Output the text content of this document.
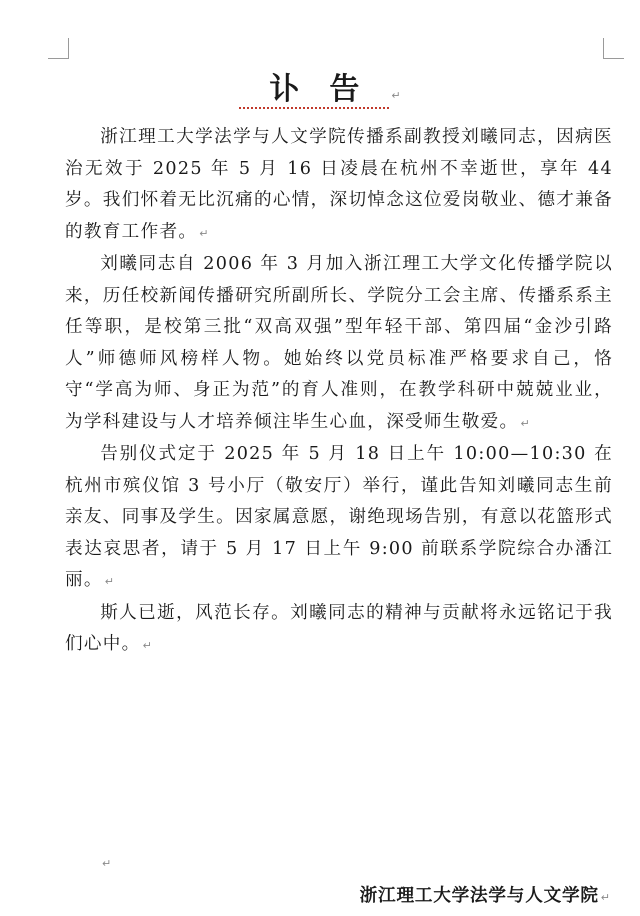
讣告 ↵

浙江理工大学法学与人文学院传播系副教授刘曦同志，因病医治无效于 2025 年 5 月 16 日凌晨在杭州不幸逝世，享年 44 岁。我们怀着无比沉痛的心情，深切悼念这位爱岗敬业、德才兼备的教育工作者。 ↵

刘曦同志自 2006 年 3 月加入浙江理工大学文化传播学院以来，历任校新闻传播研究所副所长、学院分工会主席、传播系系主任等职，是校第三批“双高双强”型年轻干部、第四届“金沙引路人”师德师风榜样人物。她始终以党员标准严格要求自己，恪守“学高为师、身正为范”的育人准则，在教学科研中兢兢业业，为学科建设与人才培养倾注毕生心血，深受师生敬爱。 ↵

告别仪式定于 2025 年 5 月 18 日上午 10:00—10:30 在杭州市殡仪馆 3 号小厅（敬安厅）举行，谨此告知刘曦同志生前亲友、同事及学生。因家属意愿，谢绝现场告别，有意以花篮形式表达哀思者，请于 5 月 17 日上午 9:00 前联系学院综合办潘江丽。 ↵

斯人已逝，风范长存。刘曦同志的精神与贡献将永远铭记于我们心中。 ↵

↵
浙江理工大学法学与人文学院 ↵
